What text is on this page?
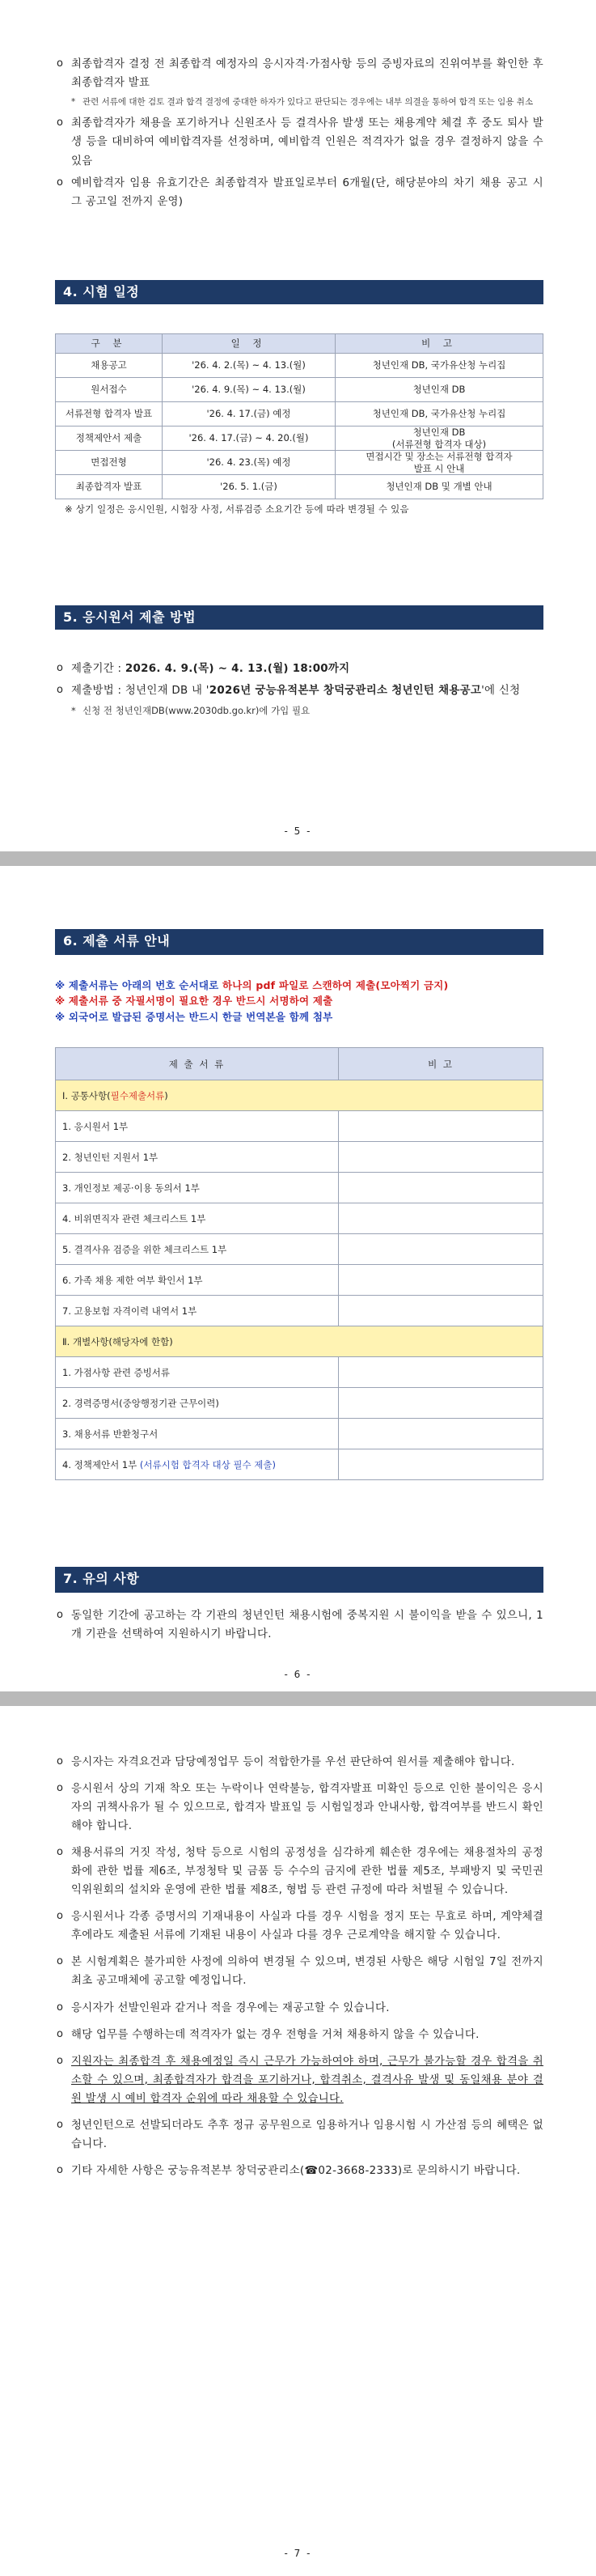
o 최종합격자 결정 전 최종합격 예정자의 응시자격·가점사항 등의 증빙자료의 진위여부를 확인한 후 최종합격자 발표
* 관련 서류에 대한 검토 결과 합격 결정에 중대한 하자가 있다고 판단되는 경우에는 내부 의결을 통하여 합격 또는 임용 취소
o 최종합격자가 채용을 포기하거나 신원조사 등 결격사유 발생 또는 채용계약 체결 후 중도 퇴사 발생 등을 대비하여 예비합격자를 선정하며, 예비합격 인원은 적격자가 없을 경우 결정하지 않을 수 있음
o 예비합격자 임용 유효기간은 최종합격자 발표일로부터 6개월(단, 해당분야의 차기 채용 공고 시 그 공고일 전까지 운영)
4. 시험 일정
구 분	일 정	비 고
채용공고	'26. 4. 2.(목) ~ 4. 13.(월)	청년인재 DB, 국가유산청 누리집
원서접수	'26. 4. 9.(목) ~ 4. 13.(월)	청년인재 DB
서류전형 합격자 발표	'26. 4. 17.(금) 예정	청년인재 DB, 국가유산청 누리집
정책제안서 제출	'26. 4. 17.(금) ~ 4. 20.(월)	청년인재 DB
(서류전형 합격자 대상)
면접전형	'26. 4. 23.(목) 예정	면접시간 및 장소는 서류전형 합격자
발표 시 안내
최종합격자 발표	'26. 5. 1.(금)	청년인재 DB 및 개별 안내
※ 상기 일정은 응시인원, 시험장 사정, 서류검증 소요기간 등에 따라 변경될 수 있음
5. 응시원서 제출 방법
o 제출기간 : 2026. 4. 9.(목) ~ 4. 13.(월) 18:00까지
o 제출방법 : 청년인재 DB 내 '2026년 궁능유적본부 창덕궁관리소 청년인턴 채용공고'에 신청
* 신청 전 청년인재DB(www.2030db.go.kr)에 가입 필요
- 5 -
6. 제출 서류 안내
※ 제출서류는 아래의 번호 순서대로 하나의 pdf 파일로 스캔하여 제출(모아찍기 금지)
※ 제출서류 중 자필서명이 필요한 경우 반드시 서명하여 제출
※ 외국어로 발급된 증명서는 반드시 한글 번역본을 함께 첨부
제 출 서 류	비 고
Ⅰ. 공통사항(필수제출서류)	
1. 응시원서 1부	
2. 청년인턴 지원서 1부	
3. 개인정보 제공·이용 동의서 1부	
4. 비위면직자 관련 체크리스트 1부	
5. 결격사유 검증을 위한 체크리스트 1부	
6. 가족 채용 제한 여부 확인서 1부	
7. 고용보험 자격이력 내역서 1부	
Ⅱ. 개별사항(해당자에 한함)	
1. 가점사항 관련 증빙서류	
2. 경력증명서(중앙행정기관 근무이력)	
3. 채용서류 반환청구서	
4. 정책제안서 1부 (서류시험 합격자 대상 필수 제출)	
7. 유의 사항
o 동일한 기간에 공고하는 각 기관의 청년인턴 채용시험에 중복지원 시 불이익을 받을 수 있으니, 1개 기관을 선택하여 지원하시기 바랍니다.
- 6 -
o 응시자는 자격요건과 담당예정업무 등이 적합한가를 우선 판단하여 원서를 제출해야 합니다.
o 응시원서 상의 기재 착오 또는 누락이나 연락불능, 합격자발표 미확인 등으로 인한 불이익은 응시자의 귀책사유가 될 수 있으므로, 합격자 발표일 등 시험일정과 안내사항, 합격여부를 반드시 확인해야 합니다.
o 채용서류의 거짓 작성, 청탁 등으로 시험의 공정성을 심각하게 훼손한 경우에는 채용절차의 공정화에 관한 법률 제6조, 부정청탁 및 금품 등 수수의 금지에 관한 법률 제5조, 부패방지 및 국민권익위원회의 설치와 운영에 관한 법률 제8조, 형법 등 관련 규정에 따라 처벌될 수 있습니다.
o 응시원서나 각종 증명서의 기재내용이 사실과 다를 경우 시험을 정지 또는 무효로 하며, 계약체결 후에라도 제출된 서류에 기재된 내용이 사실과 다를 경우 근로계약을 해지할 수 있습니다.
o 본 시험계획은 불가피한 사정에 의하여 변경될 수 있으며, 변경된 사항은 해당 시험일 7일 전까지 최초 공고매체에 공고할 예정입니다.
o 응시자가 선발인원과 같거나 적을 경우에는 재공고할 수 있습니다.
o 해당 업무를 수행하는데 적격자가 없는 경우 전형을 거쳐 채용하지 않을 수 있습니다.
o 지원자는 최종합격 후 채용예정일 즉시 근무가 가능하여야 하며, 근무가 불가능할 경우 합격을 취소할 수 있으며, 최종합격자가 합격을 포기하거나, 합격취소, 결격사유 발생 및 동일채용 분야 결원 발생 시 예비 합격자 순위에 따라 채용할 수 있습니다.
o 청년인턴으로 선발되더라도 추후 정규 공무원으로 임용하거나 임용시험 시 가산점 등의 혜택은 없습니다.
o 기타 자세한 사항은 궁능유적본부 창덕궁관리소(☎02-3668-2333)로 문의하시기 바랍니다.
- 7 -
